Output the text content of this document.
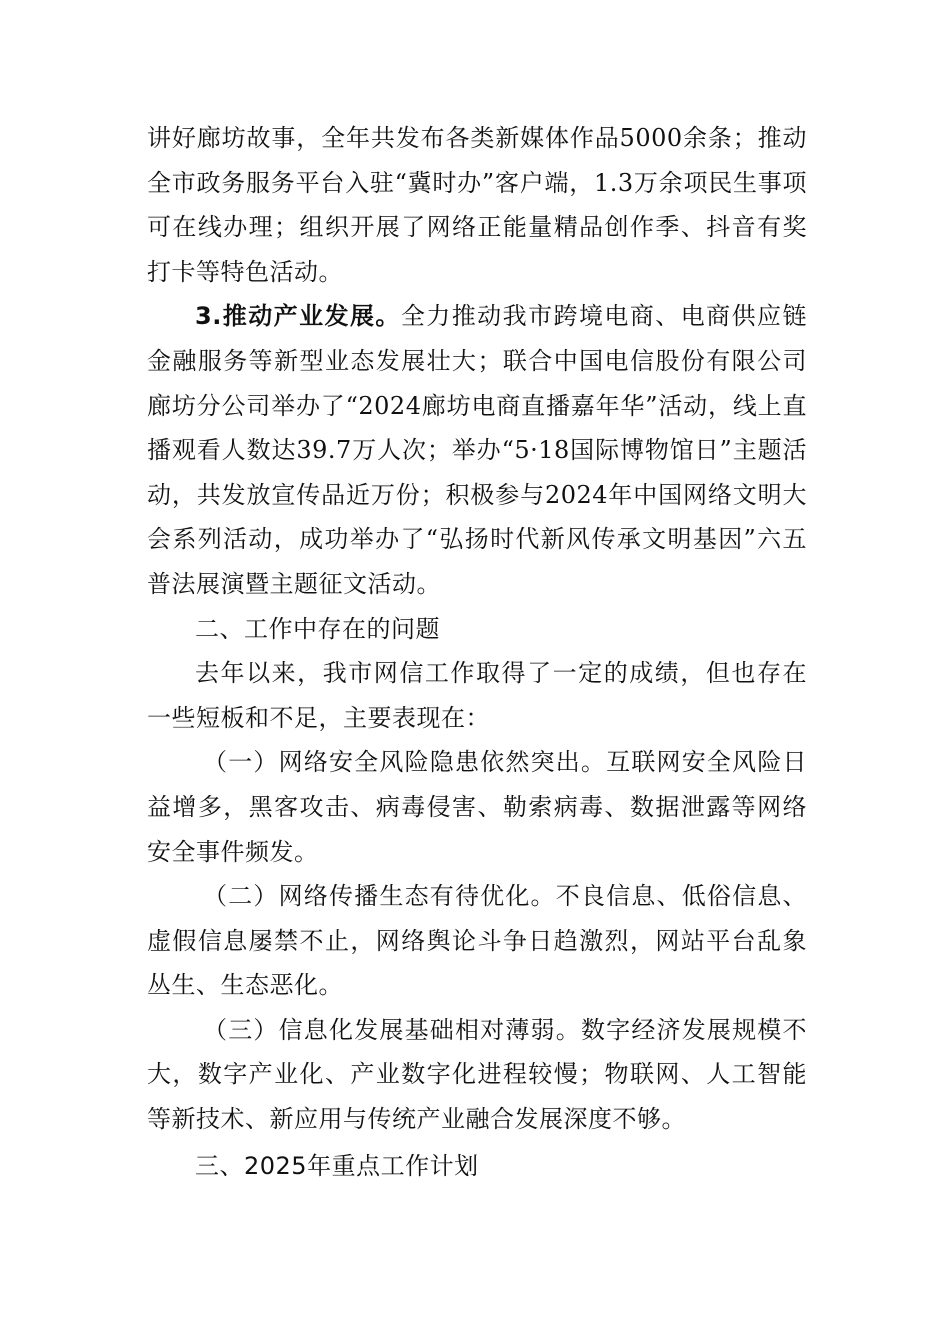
讲好廊坊故事，全年共发布各类新媒体作品5000余条；推动全市政务服务平台入驻“冀时办”客户端，1.3万余项民生事项可在线办理；组织开展了网络正能量精品创作季、抖音有奖打卡等特色活动。

3.推动产业发展。全力推动我市跨境电商、电商供应链金融服务等新型业态发展壮大；联合中国电信股份有限公司廊坊分公司举办了“2024廊坊电商直播嘉年华”活动，线上直播观看人数达39.7万人次；举办“5·18国际博物馆日”主题活动，共发放宣传品近万份；积极参与2024年中国网络文明大会系列活动，成功举办了“弘扬时代新风传承文明基因”六五普法展演暨主题征文活动。

二、工作中存在的问题

去年以来，我市网信工作取得了一定的成绩，但也存在一些短板和不足，主要表现在：

（一）网络安全风险隐患依然突出。互联网安全风险日益增多，黑客攻击、病毒侵害、勒索病毒、数据泄露等网络安全事件频发。

（二）网络传播生态有待优化。不良信息、低俗信息、虚假信息屡禁不止，网络舆论斗争日趋激烈，网站平台乱象丛生、生态恶化。

（三）信息化发展基础相对薄弱。数字经济发展规模不大，数字产业化、产业数字化进程较慢；物联网、人工智能等新技术、新应用与传统产业融合发展深度不够。

三、2025年重点工作计划
